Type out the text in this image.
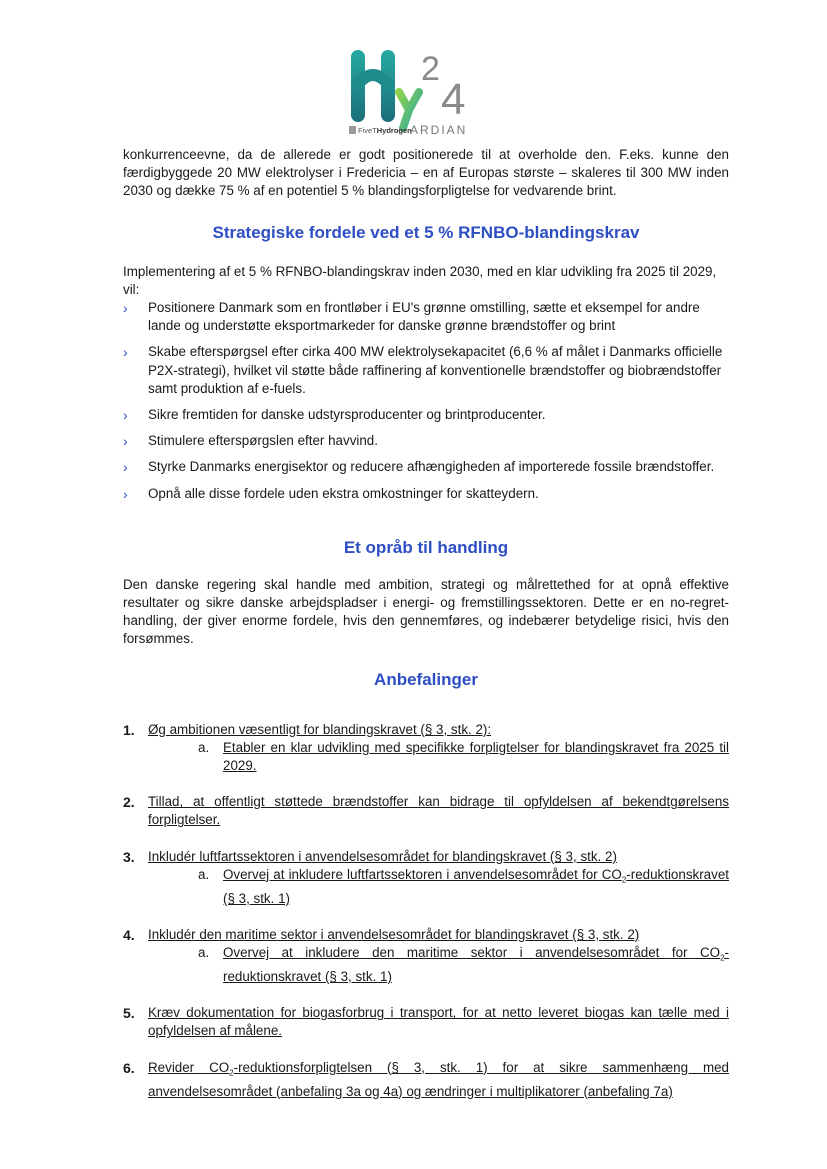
2
4
FiveTHydrogen
ARDIAN

konkurrenceevne, da de allerede er godt positionerede til at overholde den. F.eks. kunne den færdigbyggede 20 MW elektrolyser i Fredericia – en af Europas største – skaleres til 300 MW inden 2030 og dække 75 % af en potentiel 5 % blandingsforpligtelse for vedvarende brint.

Strategiske fordele ved et 5 % RFNBO-blandingskrav

Implementering af et 5 % RFNBO-blandingskrav inden 2030, med en klar udvikling fra 2025 til 2029, vil:

› Positionere Danmark som en frontløber i EU's grønne omstilling, sætte et eksempel for andre lande og understøtte eksportmarkeder for danske grønne brændstoffer og brint
› Skabe efterspørgsel efter cirka 400 MW elektrolysekapacitet (6,6 % af målet i Danmarks officielle P2X-strategi), hvilket vil støtte både raffinering af konventionelle brændstoffer og biobrændstoffer samt produktion af e-fuels.
› Sikre fremtiden for danske udstyrsproducenter og brintproducenter.
› Stimulere efterspørgslen efter havvind.
› Styrke Danmarks energisektor og reducere afhængigheden af importerede fossile brændstoffer.
› Opnå alle disse fordele uden ekstra omkostninger for skatteydern.
Et opråb til handling

Den danske regering skal handle med ambition, strategi og målrettethed for at opnå effektive resultater og sikre danske arbejdspladser i energi- og fremstillingssektoren. Dette er en no-regret-handling, der giver enorme fordele, hvis den gennemføres, og indebærer betydelige risici, hvis den forsømmes.

Anbefalinger
1. Øg ambitionen væsentligt for blandingskravet (§ 3, stk. 2):

a. Etabler en klar udvikling med specifikke forpligtelser for blandingskravet fra 2025 til 2029.

2. Tillad, at offentligt støttede brændstoffer kan bidrage til opfyldelsen af bekendtgørelsens forpligtelser.

3. Inkludér luftfartssektoren i anvendelsesområdet for blandingskravet (§ 3, stk. 2)

a. Overvej at inkludere luftfartssektoren i anvendelsesområdet for $CO_2$-reduktionskravet (§ 3, stk. 1)

4. Inkludér den maritime sektor i anvendelsesområdet for blandingskravet (§ 3, stk. 2)

a. Overvej at inkludere den maritime sektor i anvendelsesområdet for $CO_2$-reduktionskravet (§ 3, stk. 1)

5. Kræv dokumentation for biogasforbrug i transport, for at netto leveret biogas kan tælle med i opfyldelsen af målene.

6. Revider $CO_2$-reduktionsforpligtelsen (§ 3, stk. 1) for at sikre sammenhæng med anvendelsesområdet (anbefaling 3a og 4a) og ændringer i multiplikatorer (anbefaling 7a)
